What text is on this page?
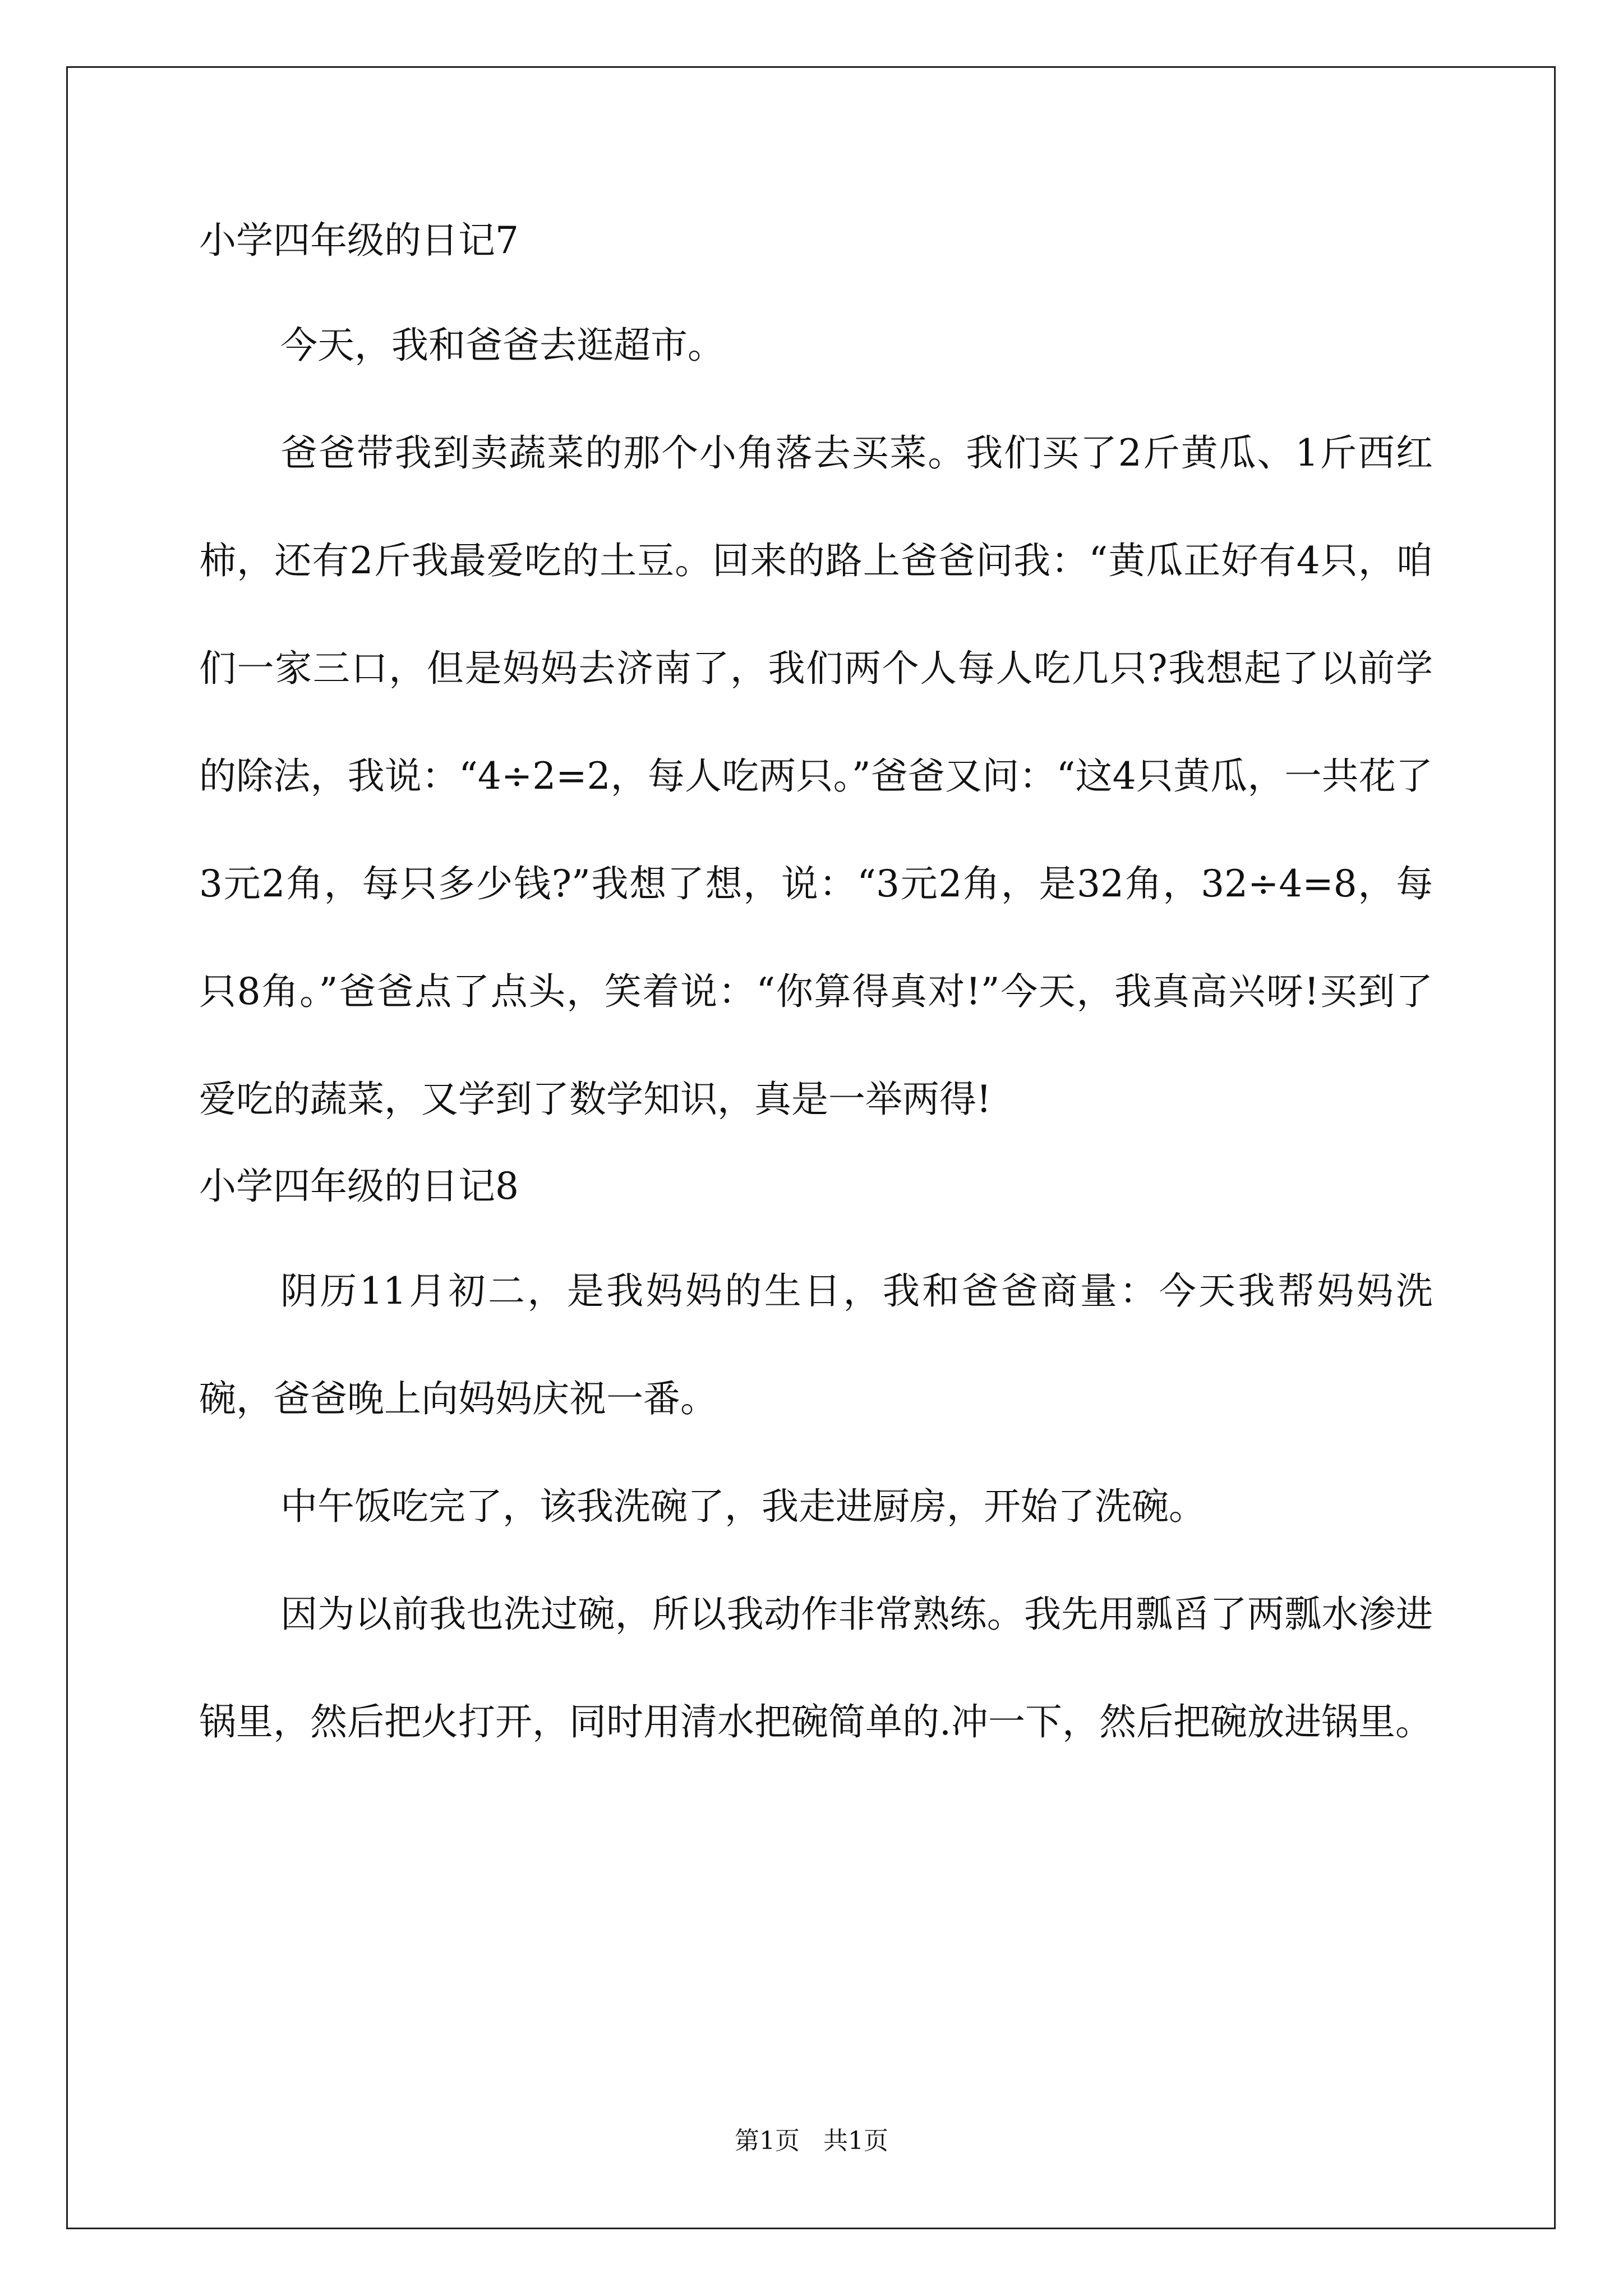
小学四年级的日记7

今天，我和爸爸去逛超市。

爸爸带我到卖蔬菜的那个小角落去买菜。我们买了2斤黄瓜、1斤西红柿，还有2斤我最爱吃的土豆。回来的路上爸爸问我：“黄瓜正好有4只，咱们一家三口，但是妈妈去济南了，我们两个人每人吃几只?我想起了以前学的除法，我说：“4÷2=2，每人吃两只。”爸爸又问：“这4只黄瓜，一共花了3元2角，每只多少钱?”我想了想，说：“3元2角，是32角，32÷4=8，每只8角。”爸爸点了点头，笑着说：“你算得真对!”今天，我真高兴呀!买到了爱吃的蔬菜，又学到了数学知识，真是一举两得!

小学四年级的日记8

阴历11月初二，是我妈妈的生日，我和爸爸商量：今天我帮妈妈洗碗，爸爸晚上向妈妈庆祝一番。

中午饭吃完了，该我洗碗了，我走进厨房，开始了洗碗。

因为以前我也洗过碗，所以我动作非常熟练。我先用瓢舀了两瓢水渗进锅里，然后把火打开，同时用清水把碗简单的.冲一下，然后把碗放进锅里。

第1页   共1页
